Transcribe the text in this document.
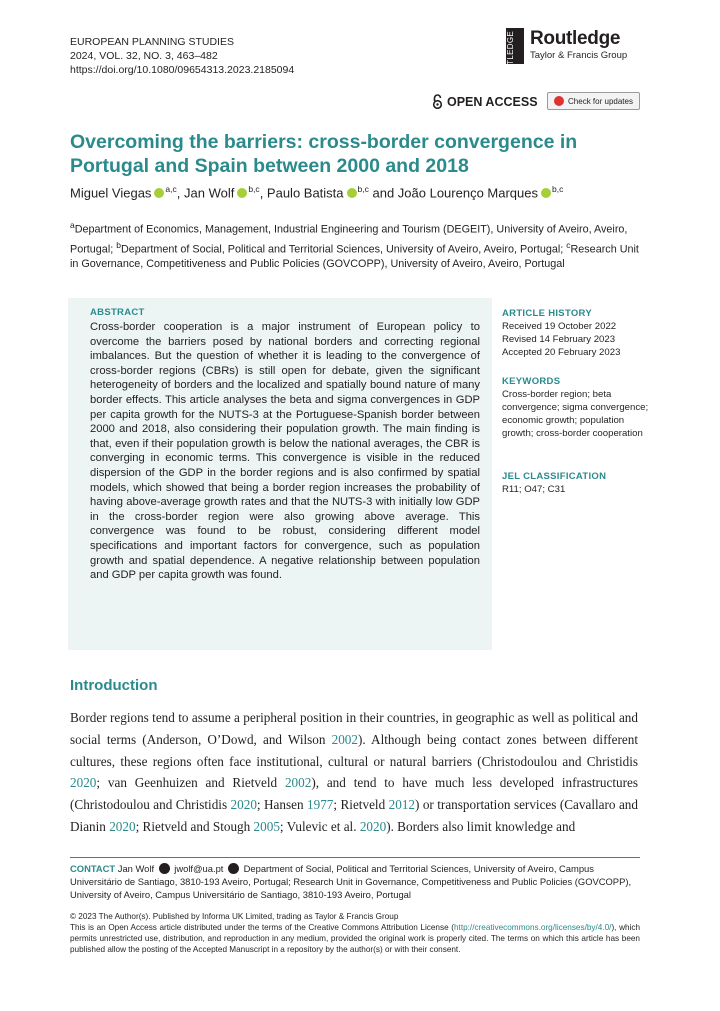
EUROPEAN PLANNING STUDIES
2024, VOL. 32, NO. 3, 463–482
https://doi.org/10.1080/09654313.2023.2185094	ROUTLEDGE Routledge
Taylor & Francis Group
OPEN ACCESS	Check for updates
Overcoming the barriers: cross-border convergence in
Portugal and Spain between 2000 and 2018
Miguel Viegas $^{a,c}$, Jan Wolf $^{b,c}$, Paulo Batista $^{b,c}$ and João Lourenço Marques $^{b,c}$
$^a$Department of Economics, Management, Industrial Engineering and Tourism (DEGEIT), University of Aveiro, Aveiro, Portugal; $^b$Department of Social, Political and Territorial Sciences, University of Aveiro, Aveiro, Portugal; $^c$Research Unit in Governance, Competitiveness and Public Policies (GOVCOPP), University of Aveiro, Aveiro, Portugal
ABSTRACT
Cross-border cooperation is a major instrument of European policy to overcome the barriers posed by national borders and correcting regional imbalances. But the question of whether it is leading to the convergence of cross-border regions (CBRs) is still open for debate, given the significant heterogeneity of borders and the localized and spatially bound nature of many border effects. This article analyses the beta and sigma convergences in GDP per capita growth for the NUTS-3 at the Portuguese-Spanish border between 2000 and 2018, also considering their population growth. The main finding is that, even if their population growth is below the national averages, the CBR is converging in economic terms. This convergence is visible in the reduced dispersion of the GDP in the border regions and is also confirmed by spatial models, which showed that being a border region increases the probability of having above-average growth rates and that the NUTS-3 with initially low GDP in the cross-border region were also growing above average. This convergence was found to be robust, considering different model specifications and important factors for convergence, such as population growth and spatial dependence. A negative relationship between population and GDP per capita growth was found.
ARTICLE HISTORY
Received 19 October 2022
Revised 14 February 2023
Accepted 20 February 2023
KEYWORDS
Cross-border region; beta convergence; sigma convergence; economic growth; population growth; cross-border cooperation
JEL CLASSIFICATION
R11; O47; C31
Introduction
Border regions tend to assume a peripheral position in their countries, in geographic as well as political and social terms (Anderson, O’Dowd, and Wilson 2002). Although being contact zones between different cultures, these regions often face institutional, cultural or natural barriers (Christodoulou and Christidis 2020; van Geenhuizen and Rietveld 2002), and tend to have much less developed infrastructures (Christodoulou and Christidis 2020; Hansen 1977; Rietveld 2012) or transportation services (Cavallaro and Dianin 2020; Rietveld and Stough 2005; Vulevic et al. 2020). Borders also limit knowledge and
CONTACT Jan Wolf jwolf@ua.pt Department of Social, Political and Territorial Sciences, University of Aveiro, Campus Universitário de Santiago, 3810-193 Aveiro, Portugal; Research Unit in Governance, Competitiveness and Public Policies (GOVCOPP), University of Aveiro, Campus Universitário de Santiago, 3810-193 Aveiro, Portugal
© 2023 The Author(s). Published by Informa UK Limited, trading as Taylor & Francis Group
This is an Open Access article distributed under the terms of the Creative Commons Attribution License (http://creativecommons.org/licenses/by/4.0/), which permits unrestricted use, distribution, and reproduction in any medium, provided the original work is properly cited. The terms on which this article has been published allow the posting of the Accepted Manuscript in a repository by the author(s) or with their consent.
